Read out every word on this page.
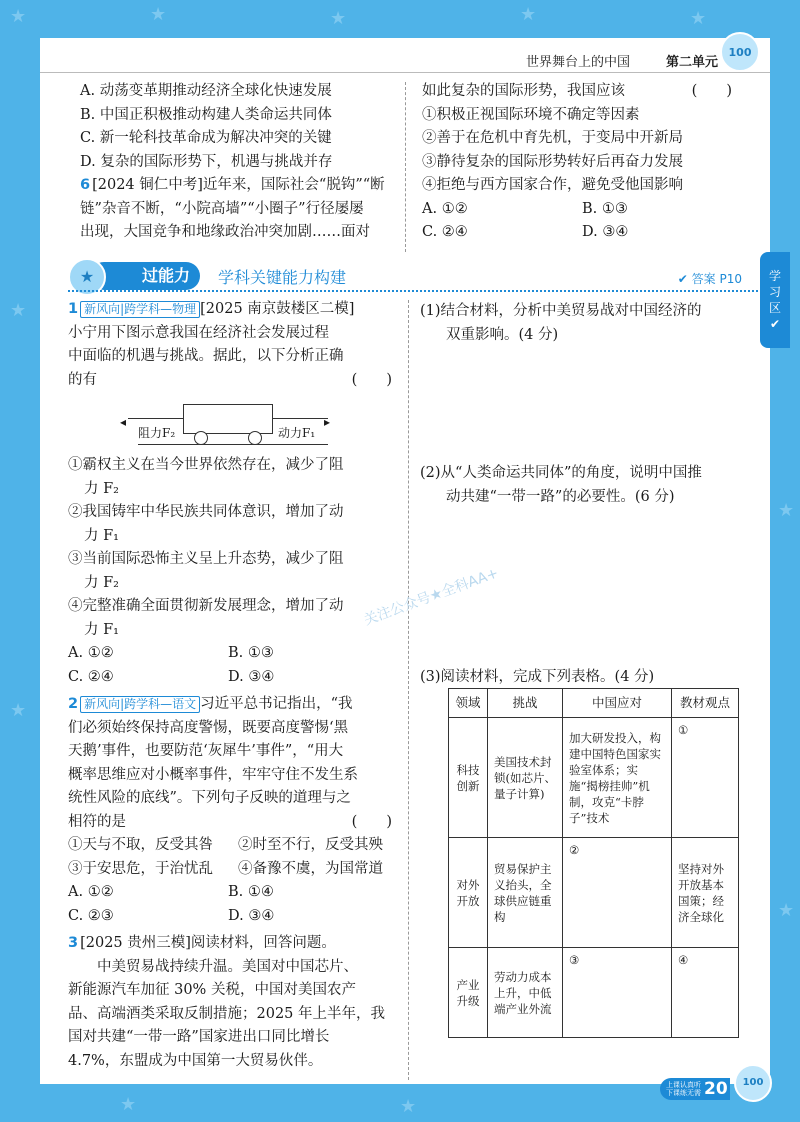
★	★	★	★	★
★
★
★
★
★	★
世界舞台上的中国	第二单元
100

A. 动荡变革期推动经济全球化快速发展

B. 中国正积极推动构建人类命运共同体

C. 新一轮科技革命成为解决冲突的关键

D. 复杂的国际形势下，机遇与挑战并存

6 [2024 铜仁中考]近年来，国际社会“脱钩”“断

链”杂音不断，“小院高墙”“小圈子”行径屡屡

出现，大国竞争和地缘政治冲突加剧……面对

如此复杂的国际形势，我国应该	(　　)

①积极正视国际环境不确定等因素

②善于在危机中育先机，于变局中开新局

③静待复杂的国际形势转好后再奋力发展

④拒绝与西方国家合作，避免受他国影响

A. ①②	B. ①③
C. ②④	D. ③④
过能力
★	学科关键能力构建	✔ 答案 P10

1 新风向|跨学科—物理 [2025 南京鼓楼区二模]

小宁用下图示意我国在经济社会发展过程

中面临的机遇与挑战。据此，以下分析正确

的有	(　　)

◂	▸
阻力F₂	动力F₁

①霸权主义在当今世界依然存在，减少了阻

力 F₂

②我国铸牢中华民族共同体意识，增加了动

力 F₁

③当前国际恐怖主义呈上升态势，减少了阻

力 F₂

④完整准确全面贯彻新发展理念，增加了动

力 F₁

A. ①②	B. ①③
C. ②④	D. ③④

2 新风向|跨学科—语文 习近平总书记指出，“我

们必须始终保持高度警惕，既要高度警惕‘黑

天鹅’事件，也要防范‘灰犀牛’事件”，“用大

概率思维应对小概率事件，牢牢守住不发生系

统性风险的底线”。下列句子反映的道理与之

相符的是	(　　)

①天与不取，反受其咎	②时至不行，反受其殃
③于安思危，于治忧乱	④备豫不虞，为国常道
A. ①②	B. ①④
C. ②③	D. ③④

3 [2025 贵州三模]阅读材料，回答问题。

中美贸易战持续升温。美国对中国芯片、

新能源汽车加征 30% 关税，中国对美国农产

品、高端酒类采取反制措施；2025 年上半年，我

国对共建“一带一路”国家进出口同比增长

4.7%，东盟成为中国第一大贸易伙伴。

(1)结合材料，分析中美贸易战对中国经济的

双重影响。(4 分)

(2)从“人类命运共同体”的角度，说明中国推

动共建“一带一路”的必要性。(6 分)

(3)阅读材料，完成下列表格。(4 分)

关注公众号★全科AA+
领域	挑战	中国应对	教材观点
科技创新	美国技术封锁(如芯片、量子计算)	加大研发投入，构建中国特色国家实验室体系；实施“揭榜挂帅”机制，攻克“卡脖子”技术	①
对外开放	贸易保护主义抬头，全球供应链重构	②	坚持对外开放基本国策；经济全球化
产业升级	劳动力成本上升，中低端产业外流	③	④
学习区
✔
上课认真听
下课练无需 20	100
